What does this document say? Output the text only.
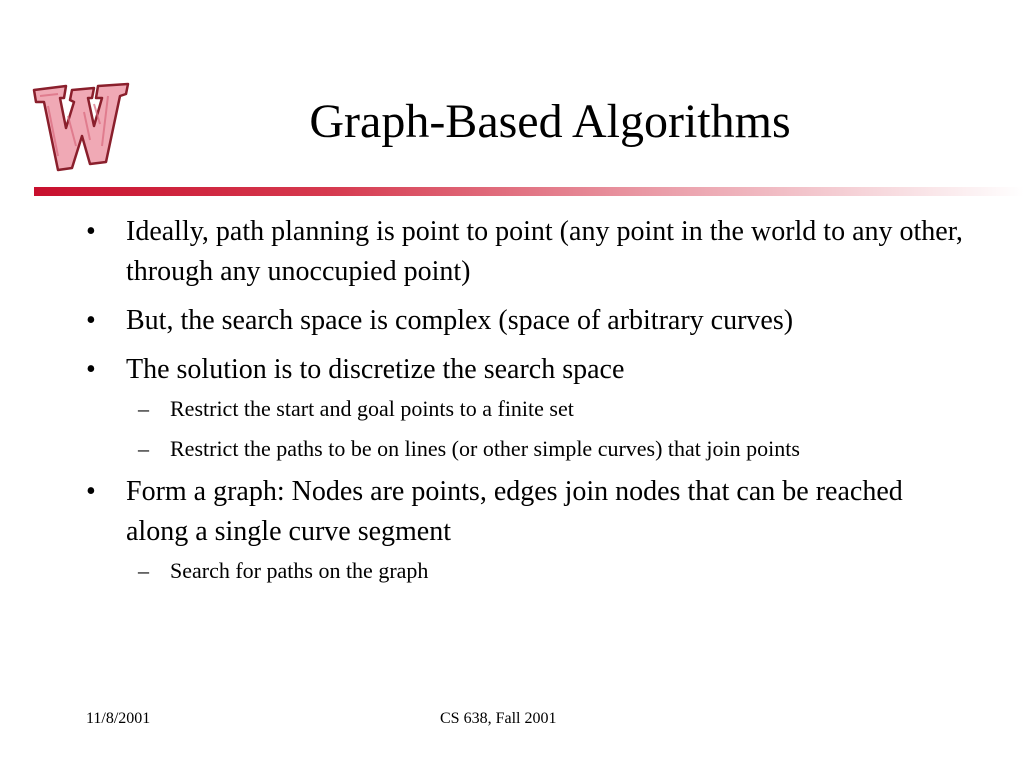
Graph-Based Algorithms
•	Ideally, path planning is point to point (any point in the world to any other, through any unoccupied point)
•	But, the search space is complex (space of arbitrary curves)
•	The solution is to discretize the search space
– Restrict the start and goal points to a finite set
– Restrict the paths to be on lines (or other simple curves) that join points
•	Form a graph: Nodes are points, edges join nodes that can be reached along a single curve segment
– Search for paths on the graph
11/8/2001	CS 638, Fall 2001
